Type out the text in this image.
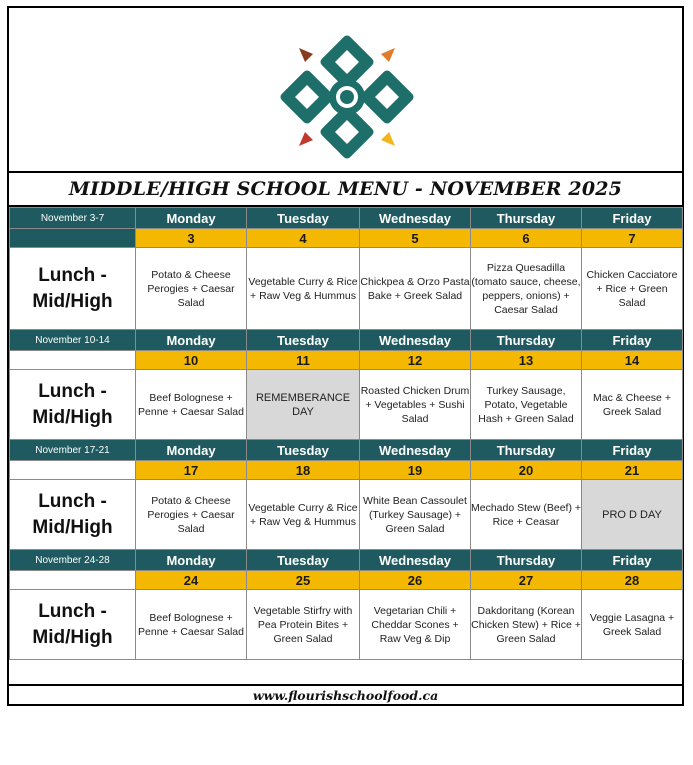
MIDDLE/HIGH SCHOOL MENU - NOVEMBER 2025
November 3-7	Monday	Tuesday	Wednesday	Thursday	Friday
	3	4	5	6	7
Lunch - Mid/High	Potato & Cheese Perogies + Caesar Salad	Vegetable Curry & Rice + Raw Veg & Hummus	Chickpea & Orzo Pasta Bake + Greek Salad	Pizza Quesadilla (tomato sauce, cheese, peppers, onions) + Caesar Salad	Chicken Cacciatore + Rice + Green Salad
November 10-14	Monday	Tuesday	Wednesday	Thursday	Friday
	10	11	12	13	14
Lunch - Mid/High	Beef Bolognese + Penne + Caesar Salad	REMEMBERANCE DAY	Roasted Chicken Drum + Vegetables + Sushi Salad	Turkey Sausage, Potato, Vegetable Hash + Green Salad	Mac & Cheese + Greek Salad
November 17-21	Monday	Tuesday	Wednesday	Thursday	Friday
	17	18	19	20	21
Lunch - Mid/High	Potato & Cheese Perogies + Caesar Salad	Vegetable Curry & Rice + Raw Veg & Hummus	White Bean Cassoulet (Turkey Sausage) + Green Salad	Mechado Stew (Beef) + Rice + Ceasar	PRO D DAY
November 24-28	Monday	Tuesday	Wednesday	Thursday	Friday
	24	25	26	27	28
Lunch - Mid/High	Beef Bolognese + Penne + Caesar Salad	Vegetable Stirfry with Pea Protein Bites + Green Salad	Vegetarian Chili + Cheddar Scones + Raw Veg & Dip	Dakdoritang (Korean Chicken Stew) + Rice + Green Salad	Veggie Lasagna + Greek Salad
www.flourishschoolfood.ca
